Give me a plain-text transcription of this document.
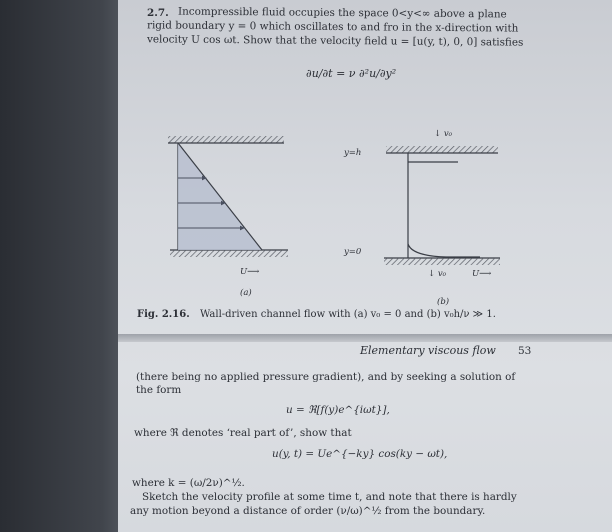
2.7. Incompressible fluid occupies the space 0<y<∞ above a plane
rigid boundary y = 0 which oscillates to and fro in the x-direction with
velocity U cos ωt. Show that the velocity field u = [u(y, t), 0, 0] satisfies
∂u/∂t = ν ∂²u/∂y²
y=h
y=0
↓ v₀
U⟶	↓ v₀	U⟶
(a)
(b)
Fig. 2.16. Wall-driven channel flow with (a) v₀ = 0 and (b) v₀h/ν ≫ 1.
Elementary viscous flow 53
(there being no applied pressure gradient), and by seeking a solution of
the form
u = ℜ[f(y)e^{iωt}],
where ℜ denotes ‘real part of’, show that
u(y, t) = Ue^{−ky} cos(ky − ωt),
where k = (ω/2ν)^½.
Sketch the velocity profile at some time t, and note that there is hardly
any motion beyond a distance of order (ν/ω)^½ from the boundary.
